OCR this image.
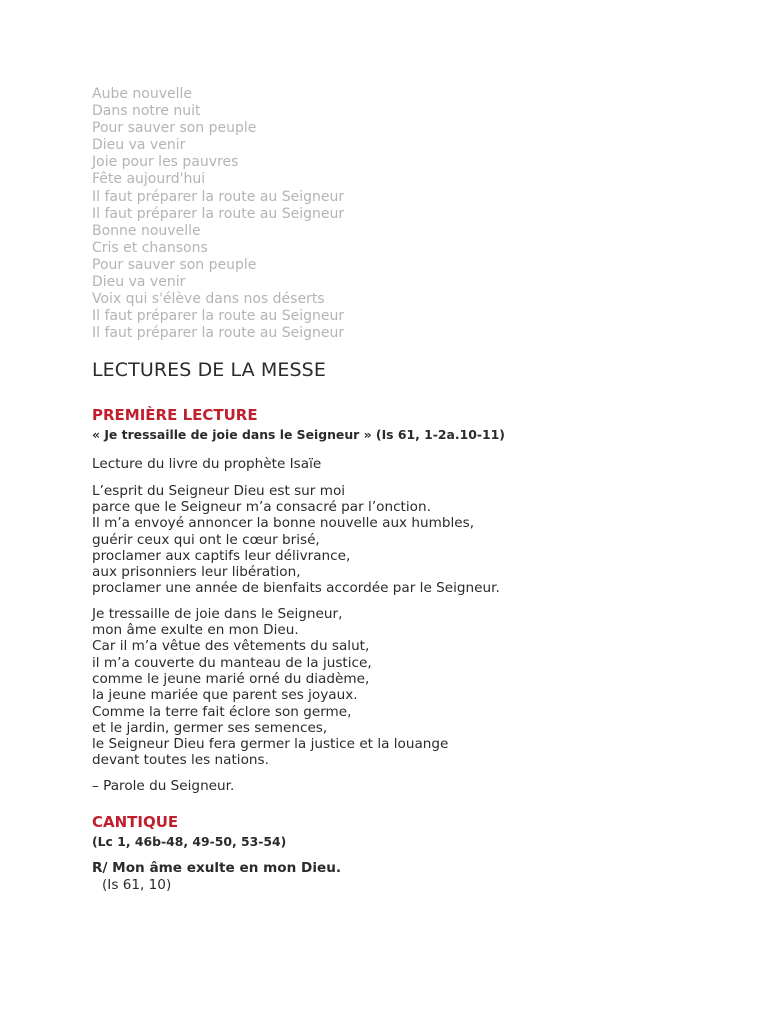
Aube nouvelle
Dans notre nuit
Pour sauver son peuple
Dieu va venir
Joie pour les pauvres
Fête aujourd'hui
Il faut préparer la route au Seigneur
Il faut préparer la route au Seigneur
Bonne nouvelle
Cris et chansons
Pour sauver son peuple
Dieu va venir
Voix qui s'élève dans nos déserts
Il faut préparer la route au Seigneur
Il faut préparer la route au Seigneur
LECTURES DE LA MESSE
PREMIÈRE LECTURE

« Je tressaille de joie dans le Seigneur » (Is 61, 1-2a.10-11)

Lecture du livre du prophète Isaïe

L’esprit du Seigneur Dieu est sur moi
parce que le Seigneur m’a consacré par l’onction.
Il m’a envoyé annoncer la bonne nouvelle aux humbles,
guérir ceux qui ont le cœur brisé,
proclamer aux captifs leur délivrance,
aux prisonniers leur libération,
proclamer une année de bienfaits accordée par le Seigneur.
Je tressaille de joie dans le Seigneur,
mon âme exulte en mon Dieu.
Car il m’a vêtue des vêtements du salut,
il m’a couverte du manteau de la justice,
comme le jeune marié orné du diadème,
la jeune mariée que parent ses joyaux.
Comme la terre fait éclore son germe,
et le jardin, germer ses semences,
le Seigneur Dieu fera germer la justice et la louange
devant toutes les nations.

– Parole du Seigneur.

CANTIQUE

(Lc 1, 46b-48, 49-50, 53-54)

R/ Mon âme exulte en mon Dieu.

(Is 61, 10)
